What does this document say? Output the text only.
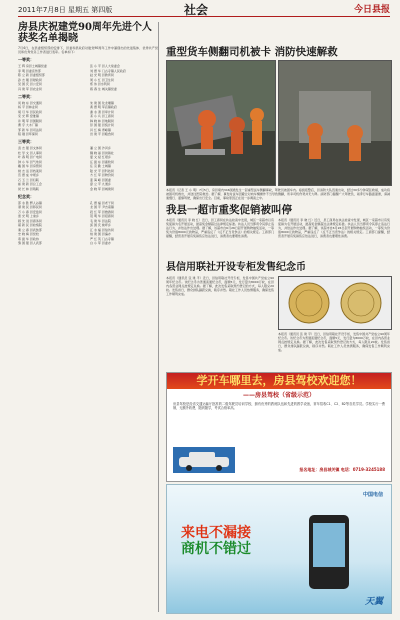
2011年7月8日 星期五 第四版	社会	今日县报
房县庆祝建党90周年先进个人获奖名单揭晓
7月4日，在县委组织部的安排下，县委和县政府对建党90周年工作中涌现出的先进集体、优秀共产党员和优秀党务工作者进行表彰。名单如下：
一等奖：
王 辉 房县土城镇党委	张 小 平 县人大常委会
李 明 县委宣传部	刘 德 华 门古寺镇人民政府
陈 立 新 县委组织部	赵 光 明 县教育局
孙 志 刚 县财政局	周 小 红 县卫生局
吴 国 庆 县公安局	郑 伟 县水利局
冯 建 军 县农业局	蒋 春 生 城关镇党委
二等奖：
何 晓 东 县交通局	朱 建 国 化龙堰镇
杨 平 县林业局	黄 德 明 军店镇政府
胡 月 华 县民政局	谢 永 清 县审计局
宋 光 辉 窑淮镇	邓 小 兵 县工商局
许 明 军 县国税局	韩 晓 林 县地税局
曹 宇 大木厂镇	彭 国 强 县统计局
邹 新 华 县司法局	肖 红 梅 青峰镇
程 刚 县环保局	田 建 平 县粮食局
三等奖：
袁 志 强 县文体局	潘 立 国 沙河乡
杜 学 文 县人事局	魏 晓 丽 县供销社
叶 春 明 县广电局	夏 文 斌 红塔乡
钟 小 华 县气象局	汪 振 东 县畜牧局
戴 国 华 县房管局	任 克 勤 土城镇
姚 志 远 县档案局	陆 光 平 县科技局
范 德 成 中坝乡	方 红 军 县物价局
石 玉 兰 县妇联	姜 海 峰 县团委
崔 建 新 县总工会	廖 立 平 九道乡
侯 长 林 县残联	金 晓 军 县城建局
纪念奖：
邵 永 胜 野人谷镇	孔 德 福 县老干局
谭 建 民 县移民局	龙 国 平 尹吉甫镇
万 小 春 县安监局	段 红 军 县旅游局
雷 光 明 上龛乡	贺 明 华 县招商局
顾 先 进 县商务局	毛 建 华 县法院
郝 新 民 县检察院	邱 国 庆 姚坪乡
秦 立 春 县武装部	江 永 福 县信访局
史 晓 梅 县党校	柏 建 国 县编办
莫 振 华 县政协	严 红 英 门古寺镇
黎 国 强 县人武部	白 小 军 县委办
重型货车侧翻司机被卡 消防快速解救
本报讯（记者 王 小 明）7月5日，房县境内346国道发生一起重型货车侧翻事故，驾驶员被困车内。接到报警后，县消防大队迅速出动，经过30多分钟紧张救援，成功将被困司机救出，并送往医院救治。据了解，事发时货车因避让对向车辆操作不当导致侧翻，所幸司机伤势并无大碍。消防部门提醒广大驾驶员，雨季行车路面湿滑，请减速慢行、谨慎驾驶，确保出行安全。目前，事故原因正在进一步调查之中。
我县一超市重奖促销被叫停
本报讯（通讯员 李 晓 红）近日，县工商局在执法检查中发现，城区一家超市以有奖促销为名开展活动，最高奖金额超过法律规定标准。执法人员当即责令其停止违法行为，并依法作出处理。据了解，该超市自6月26日起开展购物抽奖活动，一等奖为价值8000元的物品，严重违反了《反不正当竞争法》的相关规定。工商部门提醒，经营者开展有奖销售应依法进行，消费者也要理性消费。
本报讯（通讯员 李 晓 红）近日，县工商局在执法检查中发现，城区一家超市以有奖促销为名开展活动，最高奖金额超过法律规定标准。执法人员当即责令其停止违法行为，并依法作出处理。据了解，该超市自6月26日起开展购物抽奖活动，一等奖为价值8000元的物品，严重违反了《反不正当竞争法》的相关规定。工商部门提醒，经营者开展有奖销售应依法进行，消费者也要理性消费。
县信用联社开设专柜发售纪念币
本报讯（通讯员 张 建 平）近日，县信用联社开设专柜，发售中国共产党成立90周年纪念币。该纪念币为普通流通纪念币，面额5元，发行量为8000万枚，在县内各营业网点按规定兑换。据了解，此次发售采取预约登记的方式，每人限兑20枚。发售首日，群众排队踊跃兑换，秩序井然。联社工作人员热情服务，确保发售工作顺利完成。
本报讯（通讯员 张 建 平）近日，县信用联社开设专柜，发售中国共产党成立90周年纪念币。该纪念币为普通流通纪念币，面额5元，发行量为8000万枚，在县内各营业网点按规定兑换。据了解，此次发售采取预约登记的方式，每人限兑20枚。发售首日，群众排队踊跃兑换，秩序井然。联社工作人员热情服务，确保发售工作顺利完成。
学开车哪里去，房县驾校欢迎您！
——房县驾校（省级示范）
房县驾校是经省交通运输厅批准的二级驾驶员培训学校，拥有优秀的教练队伍和先进的教学设备，常年招收C1、C2、B2等各类学员。学校实行一费制，无额外收费，随到随学，考试合格率高。
报名地址：房县城关镇 电话：0719-3245188
中国电信
来电不漏接
商机不错过
天翼
